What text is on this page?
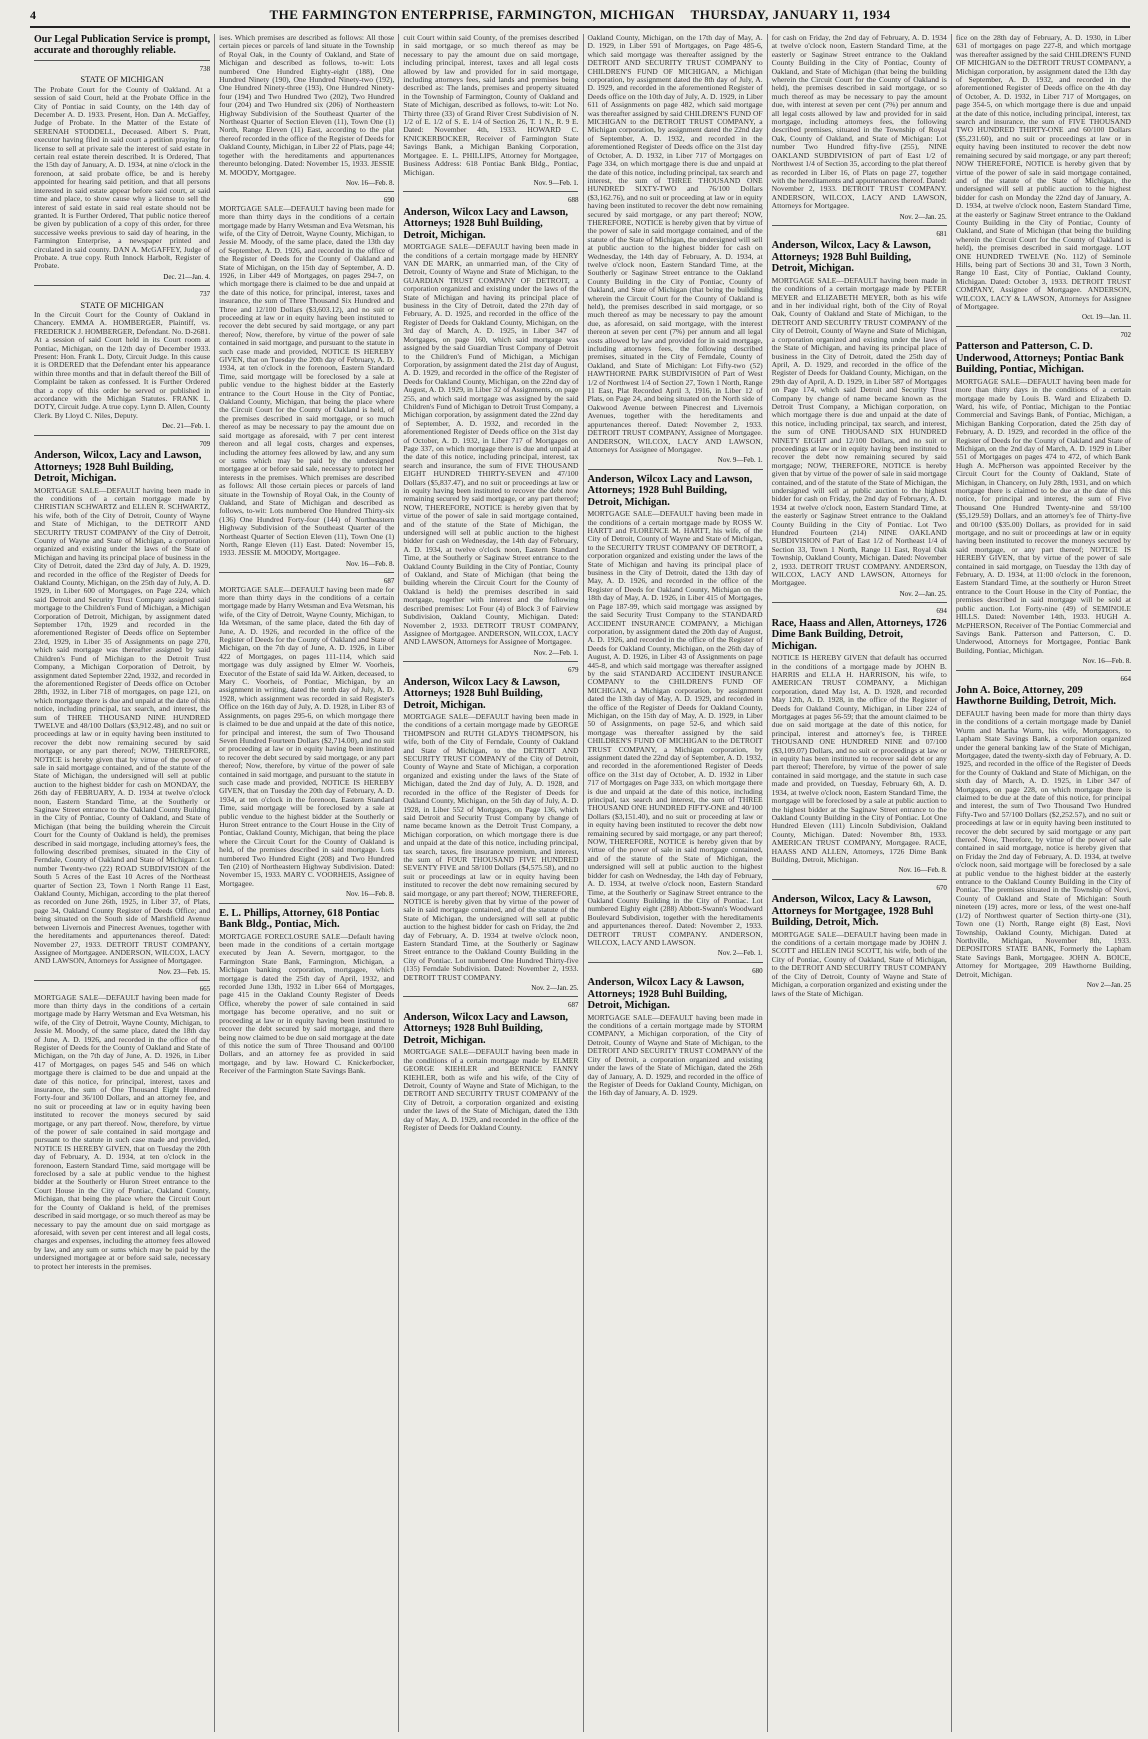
4	THE FARMINGTON ENTERPRISE, FARMINGTON, MICHIGAN THURSDAY, JANUARY 11, 1934
Our Legal Publication Service is prompt, accurate and thoroughly reliable.
738
STATE OF MICHIGAN
The Probate Court for the County of Oakland. At a session of said Court, held at the Probate Office in the City of Pontiac in said County, on the 14th day of December A. D. 1933. Present, Hon. Dan A. McGaffey, Judge of Probate. In the Matter of the Estate of SERENAH STODDELL, Deceased. Albert S. Pratt, executor having filed in said court a petition praying for license to sell at private sale the interest of said estate in certain real estate therein described. It is Ordered, That the 15th day of January, A. D. 1934, at nine o'clock in the forenoon, at said probate office, be and is hereby appointed for hearing said petition, and that all persons interested in said estate appear before said court, at said time and place, to show cause why a license to sell the interest of said estate in said real estate should not be granted. It is Further Ordered, That public notice thereof be given by publication of a copy of this order, for three successive weeks previous to said day of hearing, in the Farmington Enterprise, a newspaper printed and circulated in said county. DAN A. McGAFFEY, Judge of Probate. A true copy. Ruth Innock Harbolt, Register of Probate.
Dec. 21—Jan. 4.
737
STATE OF MICHIGAN
In the Circuit Court for the County of Oakland in Chancery. EMMA A. HOMBERGER, Plaintiff, vs. FREDERICK J. HOMBERGER, Defendant. No. D-2681. At a session of said Court held in its Court room at Pontiac, Michigan, on the 12th day of December 1933. Present: Hon. Frank L. Doty, Circuit Judge. In this cause it is ORDERED that the Defendant enter his appearance within three months and that in default thereof the Bill of Complaint be taken as confessed. It is Further Ordered that a copy of this order be served or published in accordance with the Michigan Statutes. FRANK L. DOTY, Circuit Judge. A true copy. Lynn D. Allen, County Clerk. By Lloyd C. Niles, Deputy.
Dec. 21—Feb. 1.
709
Anderson, Wilcox, Lacy and Lawson, Attorneys; 1928 Buhl Building, Detroit, Michigan.
MORTGAGE SALE—DEFAULT having been made in the conditions of a certain mortgage made by CHRISTIAN SCHWARTZ and ELLEN R. SCHWARTZ, his wife, both of the City of Detroit, County of Wayne and State of Michigan, to the DETROIT AND SECURITY TRUST COMPANY of the City of Detroit, County of Wayne and State of Michigan, a corporation organized and existing under the laws of the State of Michigan and having its principal place of business in the City of Detroit, dated the 23rd day of July, A. D. 1929, and recorded in the office of the Register of Deeds for Oakland County, Michigan, on the 25th day of July, A. D. 1929, in Liber 600 of Mortgages, on Page 224, which said Detroit and Security Trust Company assigned said mortgage to the Children's Fund of Michigan, a Michigan Corporation of Detroit, Michigan, by assignment dated September 17th, 1929 and recorded in the aforementioned Register of Deeds office on September 23rd, 1929, in Liber 35 of Assignments on page 270, which said mortgage was thereafter assigned by said Children's Fund of Michigan to the Detroit Trust Company, a Michigan Corporation of Detroit, by assignment dated September 22nd, 1932, and recorded in the aforementioned Register of Deeds office on October 28th, 1932, in Liber 718 of mortgages, on page 121, on which mortgage there is due and unpaid at the date of this notice, including principal, tax search, and interest, the sum of THREE THOUSAND NINE HUNDRED TWELVE and 48/100 Dollars ($3,912.48), and no suit or proceedings at law or in equity having been instituted to recover the debt now remaining secured by said mortgage, or any part thereof; NOW, THEREFORE, NOTICE is hereby given that by virtue of the power of sale in said mortgage contained, and of the statute of the State of Michigan, the undersigned will sell at public auction to the highest bidder for cash on MONDAY, the 26th day of FEBRUARY, A. D. 1934 at twelve o'clock noon, Eastern Standard Time, at the Southerly or Saginaw Street entrance to the Oakland County Building in the City of Pontiac, County of Oakland, and State of Michigan (that being the building wherein the Circuit Court for the County of Oakland is held), the premises described in said mortgage, including attorney's fees, the following described premises, situated in the City of Ferndale, County of Oakland and State of Michigan: Lot number Twenty-two (22) ROAD SUBDIVISION of the South 5 Acres of the East 10 Acres of the Northeast quarter of Section 23, Town 1 North Range 11 East, Oakland County, Michigan, according to the plat thereof as recorded on June 26th, 1925, in Liber 37, of Plats, page 34, Oakland County Register of Deeds Office; and being situated on the South side of Marshfield Avenue between Livernois and Pinecrest Avenues, together with the hereditaments and appurtenances thereof. Dated: November 27, 1933. DETROIT TRUST COMPANY, Assignee of Mortgagee. ANDERSON, WILCOX, LACY AND LAWSON, Attorneys for Assignee of Mortgagee.
Nov. 23—Feb. 15.
665
MORTGAGE SALE—DEFAULT having been made for more than thirty days in the conditions of a certain mortgage made by Harry Wetsman and Eva Wetsman, his wife, of the City of Detroit, Wayne County, Michigan, to Jessie M. Moody, of the same place, dated the 18th day of June, A. D. 1926, and recorded in the office of the Register of Deeds for the County of Oakland and State of Michigan, on the 7th day of June, A. D. 1926, in Liber 417 of Mortgages, on pages 545 and 546 on which mortgage there is claimed to be due and unpaid at the date of this notice, for principal, interest, taxes and insurance, the sum of One Thousand Eight Hundred Forty-four and 36/100 Dollars, and an attorney fee, and no suit or proceeding at law or in equity having been instituted to recover the moneys secured by said mortgage, or any part thereof. Now, therefore, by virtue of the power of sale contained in said mortgage and pursuant to the statute in such case made and provided, NOTICE IS HEREBY GIVEN, that on Tuesday the 20th day of February, A. D. 1934, at ten o'clock in the forenoon, Eastern Standard Time, said mortgage will be foreclosed by a sale at public vendue to the highest bidder at the Southerly or Huron Street entrance to the Court House in the City of Pontiac, Oakland County, Michigan, that being the place where the Circuit Court for the County of Oakland is held, of the premises described in said mortgage, or so much thereof as may be necessary to pay the amount due on said mortgage as aforesaid, with seven per cent interest and all legal costs, charges and expenses, including the attorney fees allowed by law, and any sum or sums which may be paid by the undersigned mortgagee at or before said sale, necessary to protect her interests in the premises.
ises. Which premises are described as follows: All those certain pieces or parcels of land situate in the Township of Royal Oak, in the County of Oakland, and State of Michigan and described as follows, to-wit: Lots numbered One Hundred Eighty-eight (188), One Hundred Ninety (190), One Hundred Ninety-two (192), One Hundred Ninety-three (193), One Hundred Ninety-four (194) and Two Hundred Two (202), Two Hundred four (204) and Two Hundred six (206) of Northeastern Highway Subdivision of the Southeast Quarter of the Northeast Quarter of Section Eleven (11), Town One (1) North, Range Eleven (11) East, according to the plat thereof recorded in the office of the Register of Deeds for Oakland County, Michigan, in Liber 22 of Plats, page 44; together with the hereditaments and appurtenances thereunto belonging. Dated: November 15, 1933. JESSIE M. MOODY, Mortgagee.
Nov. 16—Feb. 8.
690
MORTGAGE SALE—DEFAULT having been made for more than thirty days in the conditions of a certain mortgage made by Harry Wetsman and Eva Wetsman, his wife, of the City of Detroit, Wayne County, Michigan, to Jessie M. Moody, of the same place, dated the 13th day of September, A. D. 1926, and recorded in the office of the Register of Deeds for the County of Oakland and State of Michigan, on the 15th day of September, A. D. 1926, in Liber 449 of Mortgages, on pages 294-7, on which mortgage there is claimed to be due and unpaid at the date of this notice, for principal, interest, taxes and insurance, the sum of Three Thousand Six Hundred and Three and 12/100 Dollars ($3,603.12), and no suit or proceeding at law or in equity having been instituted to recover the debt secured by said mortgage, or any part thereof; Now, therefore, by virtue of the power of sale contained in said mortgage, and pursuant to the statute in such case made and provided, NOTICE IS HEREBY GIVEN, that on Tuesday the 20th day of February, A. D. 1934, at ten o'clock in the forenoon, Eastern Standard Time, said mortgage will be foreclosed by a sale at public vendue to the highest bidder at the Easterly entrance to the Court House in the City of Pontiac, Oakland County, Michigan, that being the place where the Circuit Court for the County of Oakland is held, of the premises described in said mortgage, or so much thereof as may be necessary to pay the amount due on said mortgage as aforesaid, with 7 per cent interest thereon and all legal costs, charges and expenses, including the attorney fees allowed by law, and any sum or sums which may be paid by the undersigned mortgagee at or before said sale, necessary to protect her interests in the premises. Which premises are described as follows: All those certain pieces or parcels of land situate in the Township of Royal Oak, in the County of Oakland, and State of Michigan and described as follows, to-wit: Lots numbered One Hundred Thirty-six (136) One Hundred Forty-four (144) of Northeastern Highway Subdivision of the Southeast Quarter of the Northeast Quarter of Section Eleven (11), Town One (1) North, Range Eleven (11) East. Dated: November 15, 1933. JESSIE M. MOODY, Mortgagee.
Nov. 16—Feb. 8.
687
MORTGAGE SALE—DEFAULT having been made for more than thirty days in the conditions of a certain mortgage made by Harry Wetsman and Eva Wetsman, his wife, of the City of Detroit, Wayne County, Michigan, to Ida Wetsman, of the same place, dated the 6th day of June, A. D. 1926, and recorded in the office of the Register of Deeds for the County of Oakland and State of Michigan, on the 7th day of June, A. D. 1926, in Liber 422 of Mortgages, on pages 111-114, which said mortgage was duly assigned by Elmer W. Voorheis, Executor of the Estate of said Ida W. Aitken, deceased, to Mary C. Voorheis, of Pontiac, Michigan, by an assignment in writing, dated the tenth day of July, A. D. 1928, which assignment was recorded in said Register's Office on the 16th day of July, A. D. 1928, in Liber 83 of Assignments, on pages 295-6, on which mortgage there is claimed to be due and unpaid at the date of this notice, for principal and interest, the sum of Two Thousand Seven Hundred Fourteen Dollars ($2,714.00), and no suit or proceeding at law or in equity having been instituted to recover the debt secured by said mortgage, or any part thereof; Now, therefore, by virtue of the power of sale contained in said mortgage, and pursuant to the statute in such case made and provided, NOTICE IS HEREBY GIVEN, that on Tuesday the 20th day of February, A. D. 1934, at ten o'clock in the forenoon, Eastern Standard Time, said mortgage will be foreclosed by a sale at public vendue to the highest bidder at the Southerly or Huron Street entrance to the Court House in the City of Pontiac, Oakland County, Michigan, that being the place where the Circuit Court for the County of Oakland is held, of the premises described in said mortgage. Lots numbered Two Hundred Eight (208) and Two Hundred Ten (210) of Northeastern Highway Subdivision. Dated: November 15, 1933. MARY C. VOORHEIS, Assignee of Mortgagee.
Nov. 16—Feb. 8.
E. L. Phillips, Attorney, 618 Pontiac Bank Bldg., Pontiac, Mich.
MORTGAGE FORECLOSURE SALE—Default having been made in the conditions of a certain mortgage executed by Jean A. Severn, mortgagor, to the Farmington State Bank, Farmington, Michigan, a Michigan banking corporation, mortgagee, which mortgage is dated the 25th day of April, 1932, and recorded June 13th, 1932 in Liber 664 of Mortgages, page 415 in the Oakland County Register of Deeds Office, whereby the power of sale contained in said mortgage has become operative, and no suit or proceeding at law or in equity having been instituted to recover the debt secured by said mortgage, and there being now claimed to be due on said mortgage at the date of this notice the sum of Three Thousand and 00/100 Dollars, and an attorney fee as provided in said mortgage, and by law. Howard C. Knickerbocker, Receiver of the Farmington State Savings Bank.
cuit Court within said County, of the premises described in said mortgage, or so much thereof as may be necessary to pay the amount due on said mortgage, including principal, interest, taxes and all legal costs allowed by law and provided for in said mortgage, including attorneys fees, said lands and premises being described as: The lands, premises and property situated in the Township of Farmington, County of Oakland and State of Michigan, described as follows, to-wit: Lot No. Thirty three (33) of Grand River Crest Subdivision of N. 1/2 of E. 1/2 of S. E. 1/4 of Section 26, T. 1 N., R. 9 E. Dated: November 4th, 1933. HOWARD C. KNICKERBOCKER, Receiver of Farmington State Savings Bank, a Michigan Banking Corporation, Mortgagee. E. L. PHILLIPS, Attorney for Mortgagee, Business Address: 618 Pontiac Bank Bldg., Pontiac, Michigan.
Nov. 9—Feb. 1.
688
Anderson, Wilcox Lacy and Lawson, Attorneys; 1928 Buhl Building, Detroit, Michigan.
MORTGAGE SALE—DEFAULT having been made in the conditions of a certain mortgage made by HENRY VAN DE MARK, an unmarried man, of the City of Detroit, County of Wayne and State of Michigan, to the GUARDIAN TRUST COMPANY OF DETROIT, a corporation organized and existing under the laws of the State of Michigan and having its principal place of business in the City of Detroit, dated the 27th day of February, A. D. 1925, and recorded in the office of the Register of Deeds for Oakland County, Michigan, on the 3rd day of March, A. D. 1925, in Liber 347 of Mortgages, on page 160, which said mortgage was assigned by the said Guardian Trust Company of Detroit to the Children's Fund of Michigan, a Michigan Corporation, by assignment dated the 21st day of August, A. D. 1929, and recorded in the office of the Register of Deeds for Oakland County, Michigan, on the 22nd day of August, A. D. 1929, in Liber 32 of Assignments, on page 255, and which said mortgage was assigned by the said Children's Fund of Michigan to Detroit Trust Company, a Michigan corporation, by assignment dated the 22nd day of September, A. D. 1932, and recorded in the aforementioned Register of Deeds office on the 31st day of October, A. D. 1932, in Liber 717 of Mortgages on Page 337, on which mortgage there is due and unpaid at the date of this notice, including principal, interest, tax search and insurance, the sum of FIVE THOUSAND EIGHT HUNDRED THIRTY-SEVEN and 47/100 Dollars ($5,837.47), and no suit or proceedings at law or in equity having been instituted to recover the debt now remaining secured by said mortgage, or any part thereof; NOW, THEREFORE, NOTICE is hereby given that by virtue of the power of sale in said mortgage contained, and of the statute of the State of Michigan, the undersigned will sell at public auction to the highest bidder for cash on Wednesday, the 14th day of February, A. D. 1934, at twelve o'clock noon, Eastern Standard Time, at the Southerly or Saginaw Street entrance to the Oakland County Building in the City of Pontiac, County of Oakland, and State of Michigan (that being the building wherein the Circuit Court for the County of Oakland is held) the premises described in said mortgage, together with interest and the following described premises: Lot Four (4) of Block 3 of Fairview Subdivision, Oakland County, Michigan. Dated: November 2, 1933. DETROIT TRUST COMPANY, Assignee of Mortgagee. ANDERSON, WILCOX, LACY AND LAWSON, Attorneys for Assignee of Mortgagee.
Nov. 2—Feb. 1.
679
Anderson, Wilcox Lacy & Lawson, Attorneys; 1928 Buhl Building, Detroit, Michigan.
MORTGAGE SALE—DEFAULT having been made in the conditions of a certain mortgage made by GEORGE THOMPSON and RUTH GLADYS THOMPSON, his wife, both of the City of Ferndale, County of Oakland and State of Michigan, to the DETROIT AND SECURITY TRUST COMPANY of the City of Detroit, County of Wayne and State of Michigan, a corporation organized and existing under the laws of the State of Michigan, dated the 2nd day of July, A. D. 1928, and recorded in the office of the Register of Deeds for Oakland County, Michigan, on the 5th day of July, A. D. 1928, in Liber 552 of Mortgages, on Page 136, which said Detroit and Security Trust Company by change of name became known as the Detroit Trust Company, a Michigan corporation, on which mortgage there is due and unpaid at the date of this notice, including principal, tax search, taxes, fire insurance premium, and interest, the sum of FOUR THOUSAND FIVE HUNDRED SEVENTY FIVE and 58/100 Dollars ($4,575.58), and no suit or proceedings at law or in equity having been instituted to recover the debt now remaining secured by said mortgage, or any part thereof; NOW, THEREFORE, NOTICE is hereby given that by virtue of the power of sale in said mortgage contained, and of the statute of the State of Michigan, the undersigned will sell at public auction to the highest bidder for cash on Friday, the 2nd day of February, A. D. 1934 at twelve o'clock noon, Eastern Standard Time, at the Southerly or Saginaw Street entrance to the Oakland County Building in the City of Pontiac. Lot numbered One Hundred Thirty-five (135) Ferndale Subdivision. Dated: November 2, 1933. DETROIT TRUST COMPANY.
Nov. 2—Jan. 25.
687
Anderson, Wilcox Lacy and Lawson, Attorneys; 1928 Buhl Building, Detroit, Michigan.
MORTGAGE SALE—DEFAULT having been made in the conditions of a certain mortgage made by ELMER GEORGE KIEHLER and BERNICE FANNY KIEHLER, both as wife and his wife, of the City of Detroit, County of Wayne and State of Michigan, to the DETROIT AND SECURITY TRUST COMPANY of the City of Detroit, a corporation organized and existing under the laws of the State of Michigan, dated the 13th day of May, A. D. 1929, and recorded in the office of the Register of Deeds for Oakland County.
Oakland County, Michigan, on the 17th day of May, A. D. 1929, in Liber 591 of Mortgages, on Page 485-6, which said mortgage was thereafter assigned by the DETROIT AND SECURITY TRUST COMPANY to CHILDREN'S FUND OF MICHIGAN, a Michigan corporation, by assignment dated the 8th day of July, A. D. 1929, and recorded in the aforementioned Register of Deeds office on the 10th day of July, A. D. 1929, in Liber 611 of Assignments on page 482, which said mortgage was thereafter assigned by said CHILDREN'S FUND OF MICHIGAN to the DETROIT TRUST COMPANY, a Michigan corporation, by assignment dated the 22nd day of September, A. D. 1932, and recorded in the aforementioned Register of Deeds office on the 31st day of October, A. D. 1932, in Liber 717 of Mortgages on Page 334, on which mortgage there is due and unpaid at the date of this notice, including principal, tax search and interest, the sum of THREE THOUSAND ONE HUNDRED SIXTY-TWO and 76/100 Dollars ($3,162.76), and no suit or proceeding at law or in equity having been instituted to recover the debt now remaining secured by said mortgage, or any part thereof; NOW, THEREFORE, NOTICE is hereby given that by virtue of the power of sale in said mortgage contained, and of the statute of the State of Michigan, the undersigned will sell at public auction to the highest bidder for cash on Wednesday, the 14th day of February, A. D. 1934, at twelve o'clock noon, Eastern Standard Time, at the Southerly or Saginaw Street entrance to the Oakland County Building in the City of Pontiac, County of Oakland, and State of Michigan (that being the building wherein the Circuit Court for the County of Oakland is held), the premises described in said mortgage, or so much thereof as may be necessary to pay the amount due, as aforesaid, on said mortgage, with the interest thereon at seven per cent (7%) per annum and all legal costs allowed by law and provided for in said mortgage, including attorneys fees, the following described premises, situated in the City of Ferndale, County of Oakland, and State of Michigan: Lot Fifty-two (52) HAWTHORNE PARK SUBDIVISION of Part of West 1/2 of Northwest 1/4 of Section 27, Town 1 North, Range 11 East, Plat Recorded April 3, 1916, in Liber 12 of Plats, on Page 24, and being situated on the North side of Oakwood Avenue between Pinecrest and Livernois Avenues, together with the hereditaments and appurtenances thereof. Dated: November 2, 1933. DETROIT TRUST COMPANY, Assignee of Mortgagee. ANDERSON, WILCOX, LACY AND LAWSON, Attorneys for Assignee of Mortgagee.
Nov. 9—Feb. 1.
Anderson, Wilcox Lacy and Lawson, Attorneys; 1928 Buhl Building, Detroit, Michigan.
MORTGAGE SALE—DEFAULT having been made in the conditions of a certain mortgage made by ROSS W. HARTT and FLORENCE M. HARTT, his wife, of the City of Detroit, County of Wayne and State of Michigan, to the SECURITY TRUST COMPANY OF DETROIT, a corporation organized and existing under the laws of the State of Michigan and having its principal place of business in the City of Detroit, dated the 13th day of May, A. D. 1926, and recorded in the office of the Register of Deeds for Oakland County, Michigan on the 18th day of May, A. D. 1926, in Liber 415 of Mortgages, on Page 187-99, which said mortgage was assigned by the said Security Trust Company to the STANDARD ACCIDENT INSURANCE COMPANY, a Michigan corporation, by assignment dated the 20th day of August, A. D. 1926, and recorded in the office of the Register of Deeds for Oakland County, Michigan, on the 26th day of August, A. D. 1926, in Liber 43 of Assignments on page 445-8, and which said mortgage was thereafter assigned by the said STANDARD ACCIDENT INSURANCE COMPANY to the CHILDREN'S FUND OF MICHIGAN, a Michigan corporation, by assignment dated the 13th day of May, A. D. 1929, and recorded in the office of the Register of Deeds for Oakland County, Michigan, on the 15th day of May, A. D. 1929, in Liber 50 of Assignments, on page 52-6, and which said mortgage was thereafter assigned by the said CHILDREN'S FUND OF MICHIGAN to the DETROIT TRUST COMPANY, a Michigan corporation, by assignment dated the 22nd day of September, A. D. 1932, and recorded in the aforementioned Register of Deeds office on the 31st day of October, A. D. 1932 in Liber 717 of Mortgages on Page 333, on which mortgage there is due and unpaid at the date of this notice, including principal, tax search and interest, the sum of THREE THOUSAND ONE HUNDRED FIFTY-ONE and 40/100 Dollars ($3,151.40), and no suit or proceeding at law or in equity having been instituted to recover the debt now remaining secured by said mortgage, or any part thereof; NOW, THEREFORE, NOTICE is hereby given that by virtue of the power of sale in said mortgage contained, and of the statute of the State of Michigan, the undersigned will sell at public auction to the highest bidder for cash on Wednesday, the 14th day of February, A. D. 1934, at twelve o'clock noon, Eastern Standard Time, at the Southerly or Saginaw Street entrance to the Oakland County Building in the City of Pontiac. Lot numbered Eighty eight (288) Abbott-Swann's Woodward Boulevard Subdivision, together with the hereditaments and appurtenances thereof. Dated: November 2, 1933. DETROIT TRUST COMPANY. ANDERSON, WILCOX, LACY AND LAWSON.
Nov. 2—Feb. 1.
680
Anderson, Wilcox Lacy & Lawson, Attorneys; 1928 Buhl Building, Detroit, Michigan.
MORTGAGE SALE—DEFAULT having been made in the conditions of a certain mortgage made by STORM COMPANY, a Michigan corporation, of the City of Detroit, County of Wayne and State of Michigan, to the DETROIT AND SECURITY TRUST COMPANY of the City of Detroit, a corporation organized and existing under the laws of the State of Michigan, dated the 26th day of January, A. D. 1929, and recorded in the office of the Register of Deeds for Oakland County, Michigan, on the 16th day of January, A. D. 1929.
for cash on Friday, the 2nd day of February, A. D. 1934 at twelve o'clock noon, Eastern Standard Time, at the easterly or Saginaw Street entrance to the Oakland County Building in the City of Pontiac, County of Oakland, and State of Michigan (that being the building wherein the Circuit Court for the County of Oakland is held), the premises described in said mortgage, or so much thereof as may be necessary to pay the amount due, with interest at seven per cent (7%) per annum and all legal costs allowed by law and provided for in said mortgage, including attorneys fees, the following described premises, situated in the Township of Royal Oak, County of Oakland, and State of Michigan: Lot number Two Hundred fifty-five (255), NINE OAKLAND SUBDIVISION of part of East 1/2 of Northwest 1/4 of Section 35, according to the plat thereof as recorded in Liber 16, of Plats on page 27, together with the hereditaments and appurtenances thereof. Dated: November 2, 1933. DETROIT TRUST COMPANY. ANDERSON, WILCOX, LACY AND LAWSON, Attorneys for Mortgagee.
Nov. 2—Jan. 25.
681
Anderson, Wilcox, Lacy & Lawson, Attorneys; 1928 Buhl Building, Detroit, Michigan.
MORTGAGE SALE—DEFAULT having been made in the conditions of a certain mortgage made by PETER MEYER and ELIZABETH MEYER, both as his wife and in her individual right, both of the City of Royal Oak, County of Oakland and State of Michigan, to the DETROIT AND SECURITY TRUST COMPANY of the City of Detroit, County of Wayne and State of Michigan, a corporation organized and existing under the laws of the State of Michigan, and having its principal place of business in the City of Detroit, dated the 25th day of April, A. D. 1929, and recorded in the office of the Register of Deeds for Oakland County, Michigan, on the 29th day of April, A. D. 1929, in Liber 587 of Mortgages on Page 174, which said Detroit and Security Trust Company by change of name became known as the Detroit Trust Company, a Michigan corporation, on which mortgage there is due and unpaid at the date of this notice, including principal, tax search, and interest, the sum of ONE THOUSAND SIX HUNDRED NINETY EIGHT and 12/100 Dollars, and no suit or proceedings at law or in equity having been instituted to recover the debt now remaining secured by said mortgage; NOW, THEREFORE, NOTICE is hereby given that by virtue of the power of sale in said mortgage contained, and of the statute of the State of Michigan, the undersigned will sell at public auction to the highest bidder for cash on Friday, the 2nd day of February, A. D. 1934 at twelve o'clock noon, Eastern Standard Time, at the easterly or Saginaw Street entrance to the Oakland County Building in the City of Pontiac. Lot Two Hundred Fourteen (214) NINE OAKLAND SUBDIVISION of Part of East 1/2 of Northeast 1/4 of Section 33, Town 1 North, Range 11 East, Royal Oak Township, Oakland County, Michigan. Dated: November 2, 1933. DETROIT TRUST COMPANY. ANDERSON, WILCOX, LACY AND LAWSON, Attorneys for Mortgagee.
Nov. 2—Jan. 25.
694
Race, Haass and Allen, Attorneys, 1726 Dime Bank Building, Detroit, Michigan.
NOTICE IS HEREBY GIVEN that default has occurred in the conditions of a mortgage made by JOHN B. HARRIS and ELLA H. HARRISON, his wife, to AMERICAN TRUST COMPANY, a Michigan corporation, dated May 1st, A. D. 1928, and recorded May 12th, A. D. 1928, in the office of the Register of Deeds for Oakland County, Michigan, in Liber 224 of Mortgages at pages 56-59; that the amount claimed to be due on said mortgage at the date of this notice, for principal, interest and attorney's fee, is THREE THOUSAND ONE HUNDRED NINE and 07/100 ($3,109.07) Dollars, and no suit or proceedings at law or in equity has been instituted to recover said debt or any part thereof; Therefore, by virtue of the power of sale contained in said mortgage, and the statute in such case made and provided, on Tuesday, February 6th, A. D. 1934, at twelve o'clock noon, Eastern Standard Time, the mortgage will be foreclosed by a sale at public auction to the highest bidder at the Saginaw Street entrance to the Oakland County Building in the City of Pontiac. Lot One Hundred Eleven (111) Lincoln Subdivision, Oakland County, Michigan. Dated: November 8th, 1933. AMERICAN TRUST COMPANY, Mortgagee. RACE, HAASS AND ALLEN, Attorneys, 1726 Dime Bank Building, Detroit, Michigan.
Nov. 16—Feb. 8.
670
Anderson, Wilcox, Lacy & Lawson, Attorneys for Mortgagee, 1928 Buhl Building, Detroit, Mich.
MORTGAGE SALE—DEFAULT having been made in the conditions of a certain mortgage made by JOHN J. SCOTT and HELEN INGI SCOTT, his wife, both of the City of Pontiac, County of Oakland, State of Michigan, to the DETROIT AND SECURITY TRUST COMPANY of the City of Detroit, County of Wayne and State of Michigan, a corporation organized and existing under the laws of the State of Michigan.
fice on the 28th day of February, A. D. 1930, in Liber 631 of mortgages on page 227-8, and which mortgage was thereafter assigned by the said CHILDREN'S FUND OF MICHIGAN to the DETROIT TRUST COMPANY, a Michigan corporation, by assignment dated the 13th day of September, A. D. 1932, and recorded in the aforementioned Register of Deeds office on the 4th day of October, A. D. 1932, in Liber 717 of Mortgages, on page 354-5, on which mortgage there is due and unpaid at the date of this notice, including principal, interest, tax search and insurance, the sum of FIVE THOUSAND TWO HUNDRED THIRTY-ONE and 60/100 Dollars ($5,231.60), and no suit or proceedings at law or in equity having been instituted to recover the debt now remaining secured by said mortgage, or any part thereof; NOW THEREFORE, NOTICE is hereby given that by virtue of the power of sale in said mortgage contained, and of the statute of the State of Michigan, the undersigned will sell at public auction to the highest bidder for cash on Monday the 22nd day of January, A. D. 1934, at twelve o'clock noon, Eastern Standard Time, at the easterly or Saginaw Street entrance to the Oakland County Building in the City of Pontiac, County of Oakland, and State of Michigan (that being the building wherein the Circuit Court for the County of Oakland is held), the premises described in said mortgage. LOT ONE HUNDRED TWELVE (No. 112) of Seminole Hills, being part of Sections 30 and 31, Town 3 North, Range 10 East, City of Pontiac, Oakland County, Michigan. Dated: October 3, 1933. DETROIT TRUST COMPANY, Assignee of Mortgagee. ANDERSON, WILCOX, LACY & LAWSON, Attorneys for Assignee of Mortgagee.
Oct. 19—Jan. 11.
702
Patterson and Patterson, C. D. Underwood, Attorneys; Pontiac Bank Building, Pontiac, Michigan.
MORTGAGE SALE—DEFAULT having been made for more than thirty days in the conditions of a certain mortgage made by Louis B. Ward and Elizabeth D. Ward, his wife, of Pontiac, Michigan to the Pontiac Commercial and Savings Bank, of Pontiac, Michigan, a Michigan Banking Corporation, dated the 25th day of February, A. D. 1929, and recorded in the office of the Register of Deeds for the County of Oakland and State of Michigan, on the 2nd day of March, A. D. 1929 in Liber 551 of Mortgages on pages 474 to 472, of which Bank Hugh A. McPherson was appointed Receiver by the Circuit Court for the County of Oakland, State of Michigan, in Chancery, on July 28th, 1931, and on which mortgage there is claimed to be due at the date of this notice, for principal and interest, the sum of Five Thousand One Hundred Twenty-nine and 59/100 ($5,129.59) Dollars, and an attorney's fee of Thirty-five and 00/100 ($35.00) Dollars, as provided for in said mortgage, and no suit or proceedings at law or in equity having been instituted to recover the moneys secured by said mortgage, or any part thereof; NOTICE IS HEREBY GIVEN, that by virtue of the power of sale contained in said mortgage, on Tuesday the 13th day of February, A. D. 1934, at 11:00 o'clock in the forenoon, Eastern Standard Time, at the southerly or Huron Street entrance to the Court House in the City of Pontiac, the premises described in said mortgage will be sold at public auction. Lot Forty-nine (49) of SEMINOLE HILLS. Dated: November 14th, 1933. HUGH A. McPHERSON, Receiver of The Pontiac Commercial and Savings Bank. Patterson and Patterson, C. D. Underwood, Attorneys for Mortgagee, Pontiac Bank Building, Pontiac, Michigan.
Nov. 16—Feb. 8.
664
John A. Boice, Attorney, 209 Hawthorne Building, Detroit, Mich.
DEFAULT having been made for more than thirty days in the conditions of a certain mortgage made by Daniel Wurm and Martha Wurm, his wife, Mortgagors, to Lapham State Savings Bank, a corporation organized under the general banking law of the State of Michigan, Mortgagee, dated the twenty-sixth day of February, A. D. 1925, and recorded in the office of the Register of Deeds for the County of Oakland and State of Michigan, on the sixth day of March, A. D. 1925, in Liber 347 of Mortgages, on page 228, on which mortgage there is claimed to be due at the date of this notice, for principal and interest, the sum of Two Thousand Two Hundred Fifty-Two and 57/100 Dollars ($2,252.57), and no suit or proceedings at law or in equity having been instituted to recover the debt secured by said mortgage or any part thereof. Now, Therefore, by virtue of the power of sale contained in said mortgage, notice is hereby given that on Friday the 2nd day of February, A. D. 1934, at twelve o'clock noon, said mortgage will be foreclosed by a sale at public vendue to the highest bidder at the easterly entrance to the Oakland County Building in the City of Pontiac. The premises situated in the Township of Novi, County of Oakland and State of Michigan: South nineteen (19) acres, more or less, of the west one-half (1/2) of Northwest quarter of Section thirty-one (31), Town one (1) North, Range eight (8) East, Novi Township, Oakland County, Michigan. Dated at Northville, Michigan, November 8th, 1933. DEPOSITORS STATE BANK, Formerly the Lapham State Savings Bank, Mortgagee. JOHN A. BOICE, Attorney for Mortgagee, 209 Hawthorne Building, Detroit, Michigan.
Nov 2—Jan. 25
